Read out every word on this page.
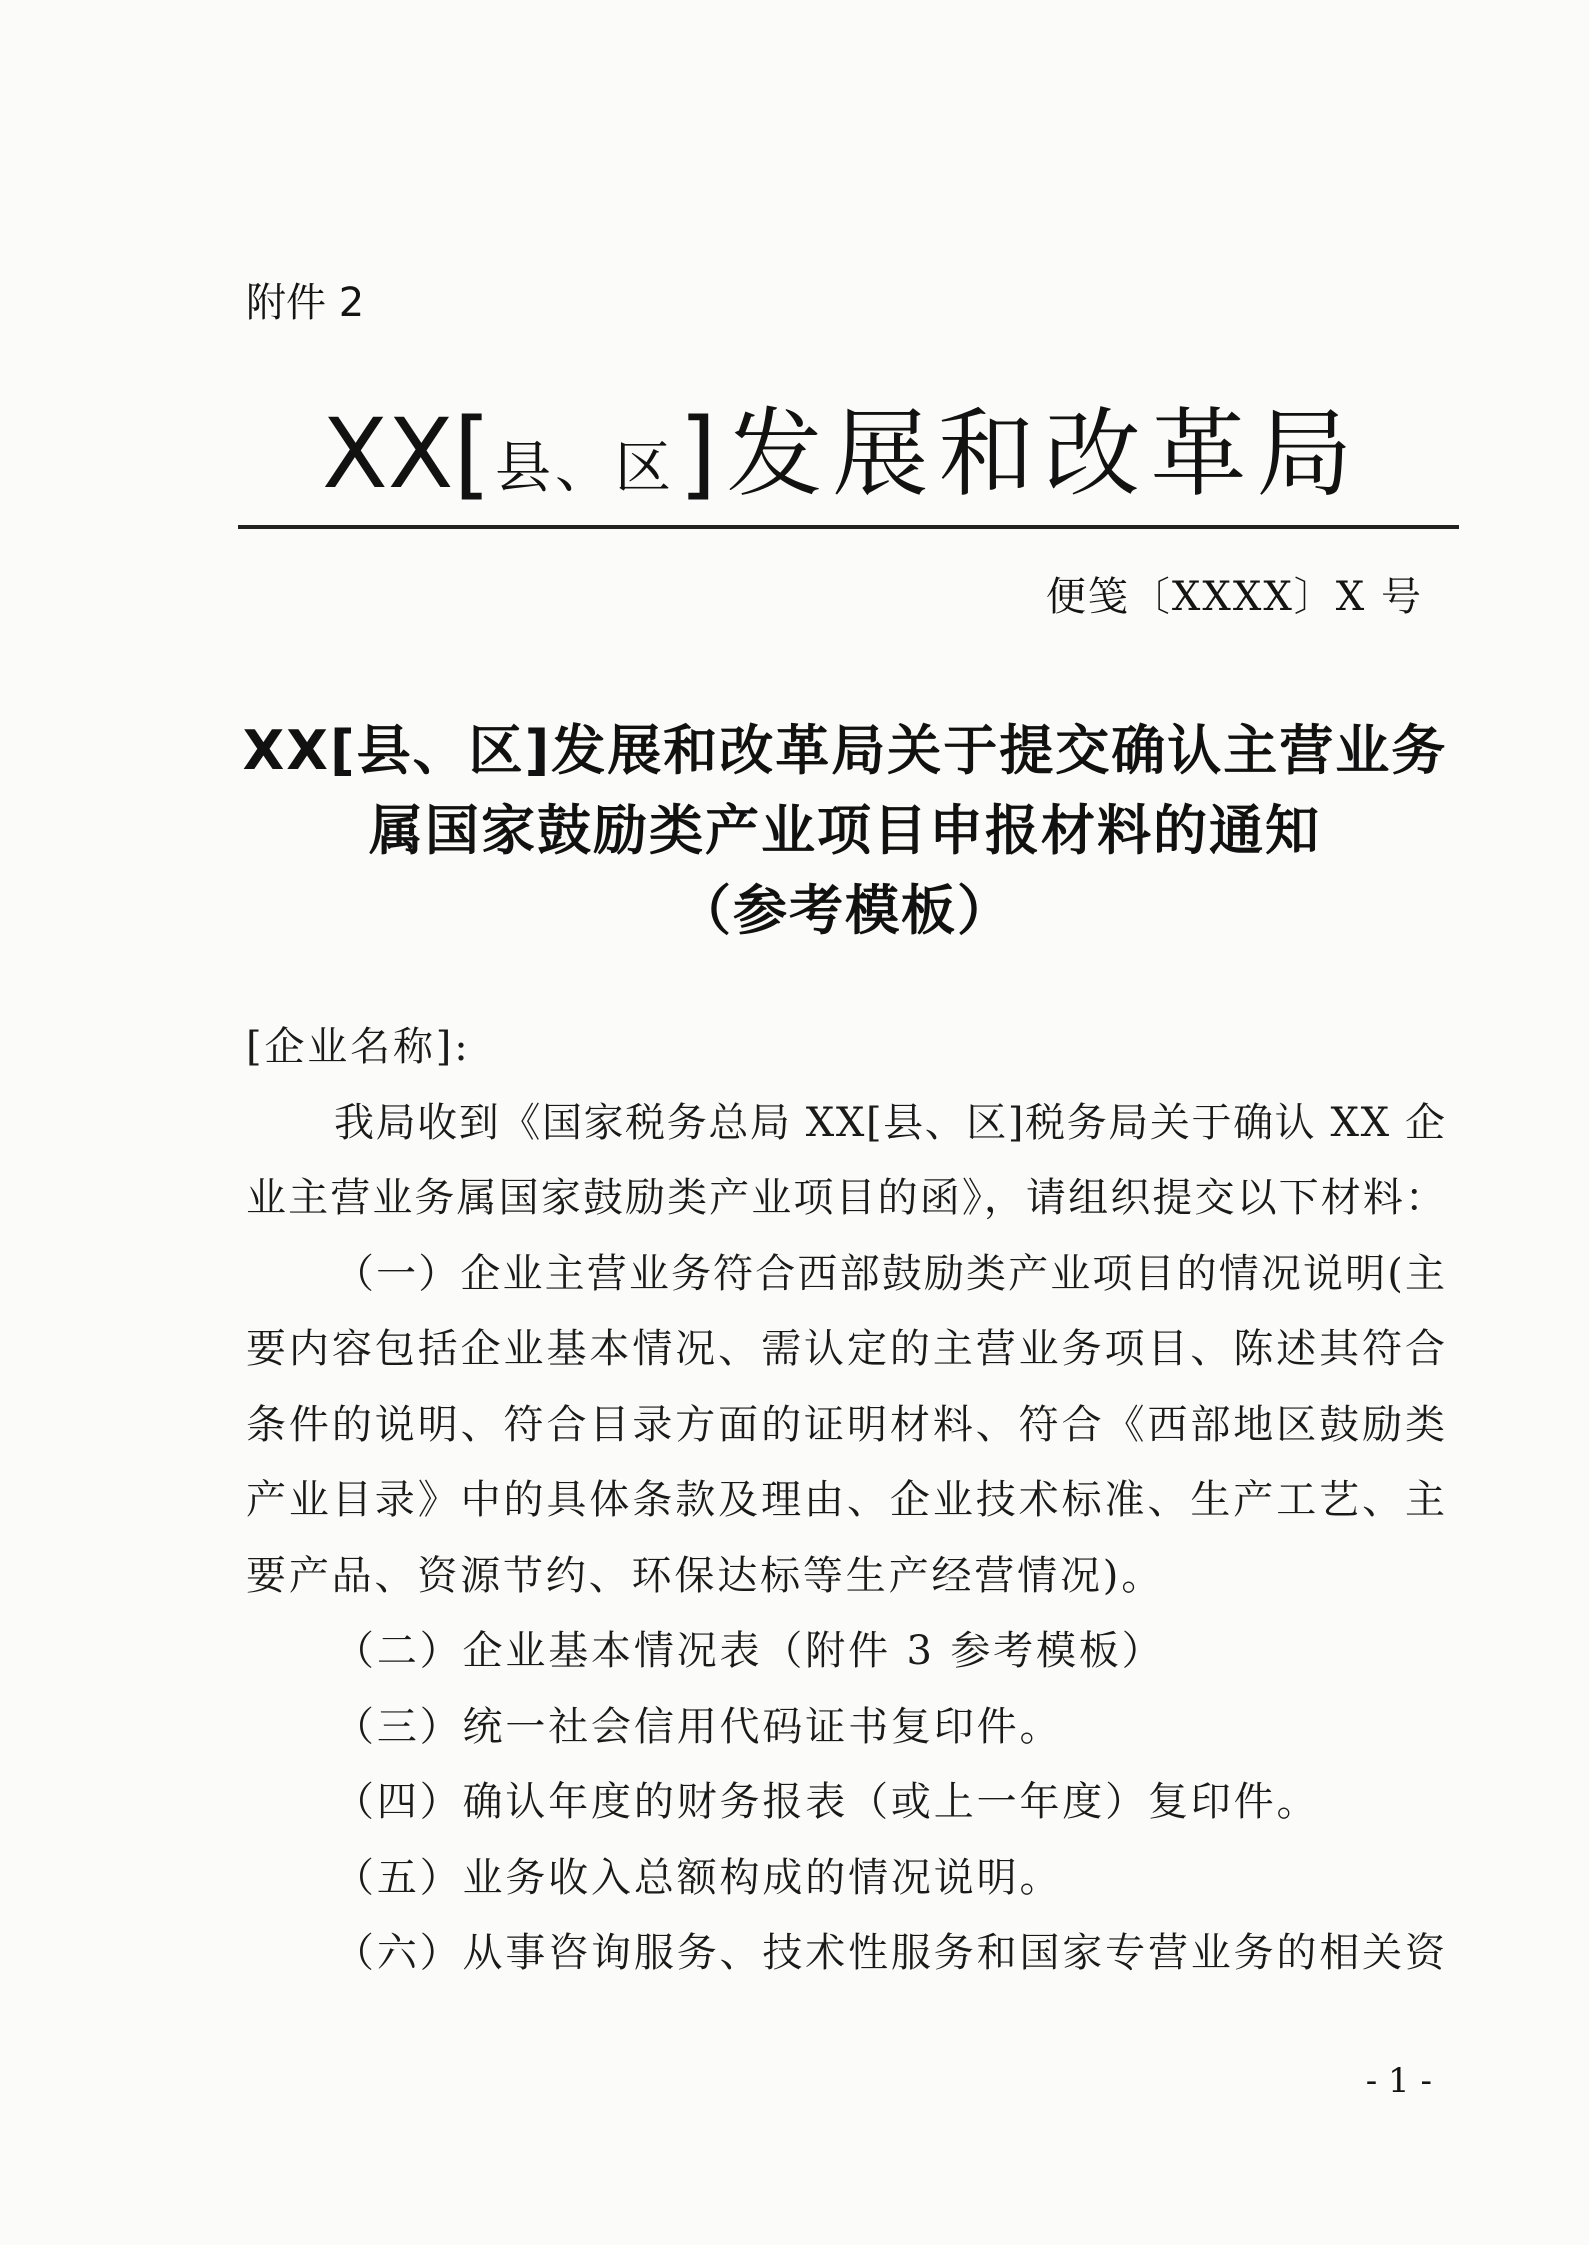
附件 2
XX[ 县、区 ]发展和改革局
便笺〔XXXX〕X 号
XX[县、区]发展和改革局关于提交确认主营业务
属国家鼓励类产业项目申报材料的通知
（参考模板）
[企业名称]:
我局收到《国家税务总局 XX[县、区]税务局关于确认 XX 企
业主营业务属国家鼓励类产业项目的函》，请组织提交以下材料：
（一）企业主营业务符合西部鼓励类产业项目的情况说明(主
要内容包括企业基本情况、需认定的主营业务项目、陈述其符合
条件的说明、符合目录方面的证明材料、符合《西部地区鼓励类
产业目录》中的具体条款及理由、企业技术标准、生产工艺、主
要产品、资源节约、环保达标等生产经营情况)。
（二）企业基本情况表（附件 3 参考模板）
（三）统一社会信用代码证书复印件。
（四）确认年度的财务报表（或上一年度）复印件。
（五）业务收入总额构成的情况说明。
（六）从事咨询服务、技术性服务和国家专营业务的相关资
- 1 -
